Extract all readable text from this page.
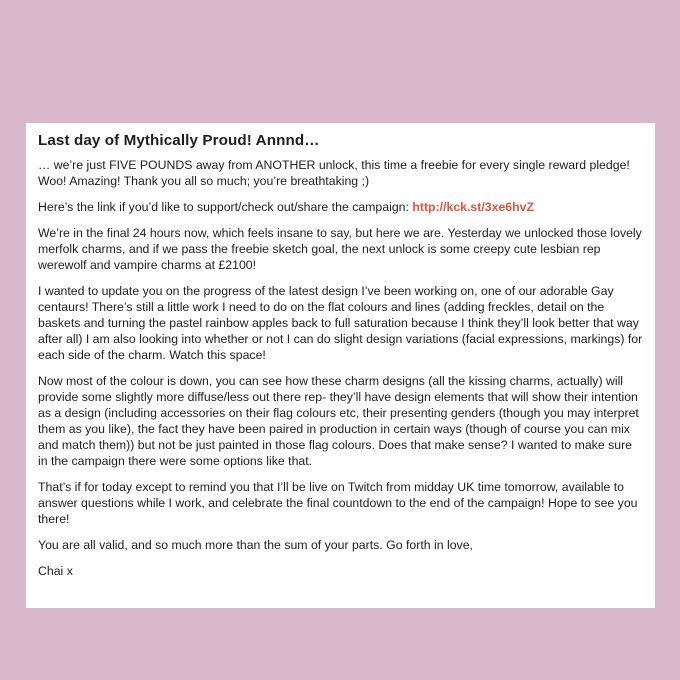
Last day of Mythically Proud! Annnd…

… we’re just FIVE POUNDS away from ANOTHER unlock, this time a freebie for every single reward pledge! Woo! Amazing! Thank you all so much; you’re breathtaking ;)

Here’s the link if you’d like to support/check out/share the campaign: http://kck.st/3xe6hvZ

We’re in the final 24 hours now, which feels insane to say, but here we are. Yesterday we unlocked those lovely merfolk charms, and if we pass the freebie sketch goal, the next unlock is some creepy cute lesbian rep werewolf and vampire charms at £2100!

I wanted to update you on the progress of the latest design I’ve been working on, one of our adorable Gay centaurs! There’s still a little work I need to do on the flat colours and lines (adding freckles, detail on the baskets and turning the pastel rainbow apples back to full saturation because I think they’ll look better that way after all) I am also looking into whether or not I can do slight design variations (facial expressions, markings) for each side of the charm. Watch this space!

Now most of the colour is down, you can see how these charm designs (all the kissing charms, actually) will provide some slightly more diffuse/less out there rep- they’ll have design elements that will show their intention as a design (including accessories on their flag colours etc, their presenting genders (though you may interpret them as you like), the fact they have been paired in production in certain ways (though of course you can mix and match them)) but not be just painted in those flag colours. Does that make sense? I wanted to make sure in the campaign there were some options like that.

That’s if for today except to remind you that I’ll be live on Twitch from midday UK time tomorrow, available to answer questions while I work, and celebrate the final countdown to the end of the campaign! Hope to see you there!

You are all valid, and so much more than the sum of your parts. Go forth in love,

Chai x
